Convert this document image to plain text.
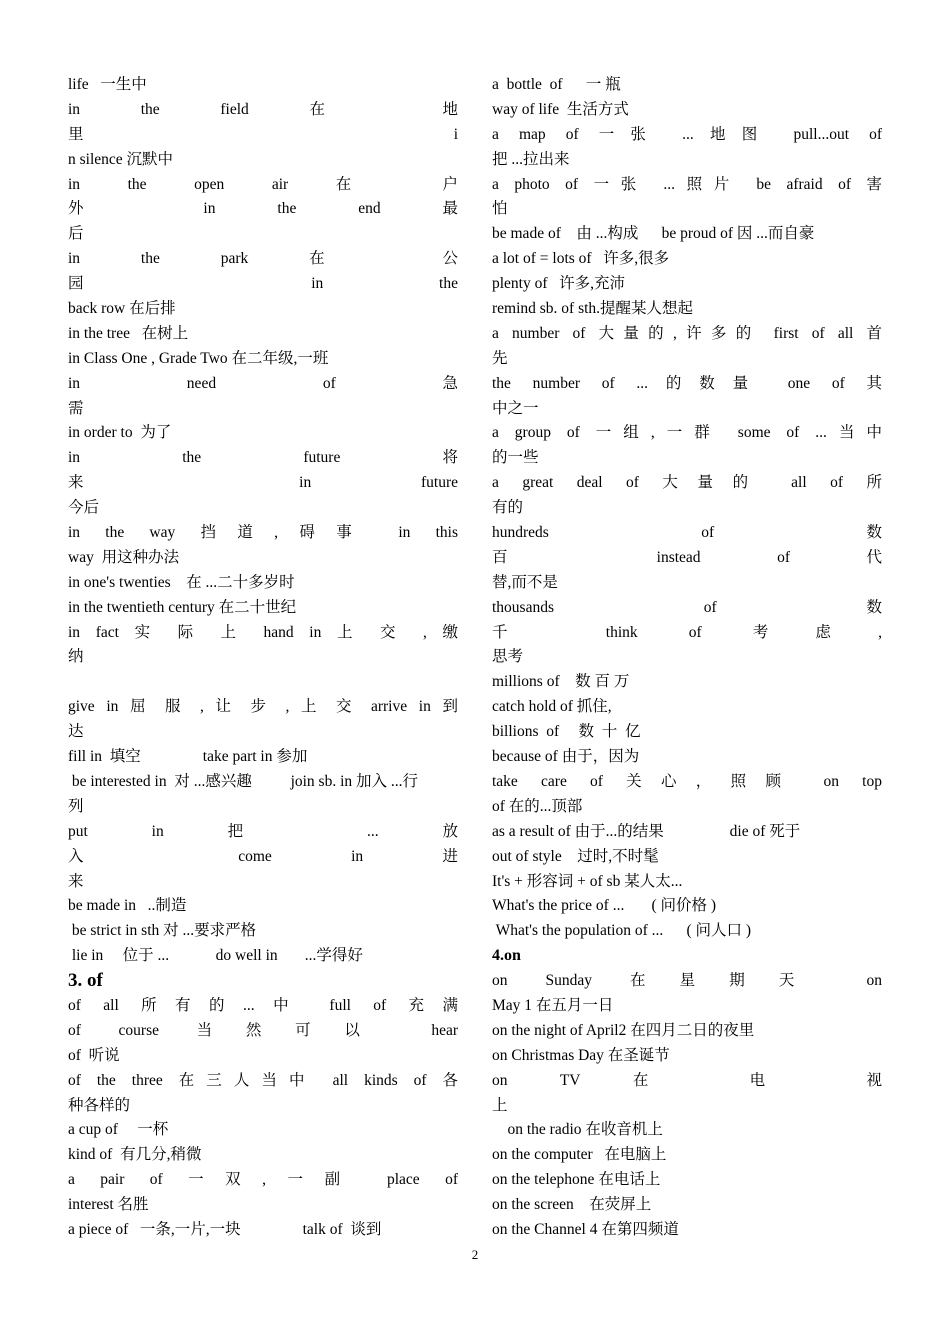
life   一生中
in the field 在 地
里 i
n silence 沉默中
in the open air 在 户
外 in the end 最
后
in the park 在 公
园 in the
back row 在后排
in the tree   在树上
in Class One , Grade Two 在二年级,一班
in need of 急
需
in order to  为了
in the future 将
来 in future
今后
in the way 挡道,碍事 in this
way  用这种办法
in one's twenties    在 ...二十多岁时
in the twentieth century 在二十世纪
in fact 实 际 上 hand in 上 交 , 缴
纳
give in 屈 服 , 让 步 , 上 交 arrive in 到
达
fill in  填空                take part in 参加
be interested in  对 ...感兴趣          join sb. in 加入 ...行
列
put in 把 ... 放
入 come in 进
来
be made in   ..制造
be strict in sth 对 ...要求严格
lie in     位于 ...            do well in       ...学得好
3. of
of all 所有的...中 full of 充满
of course 当然可以 hear
of  听说
of the three 在三人当中 all kinds of 各
种各样的
a cup of     一杯
kind of  有几分,稍微
a pair of 一双,一副 place of
interest 名胜
a piece of   一条,一片,一块                talk of  谈到
a  bottle  of      一 瓶
way of life  生活方式
a map of 一张 ...地图 pull...out of
把 ...拉出来
a photo of 一张 ...照片 be afraid of 害
怕
be made of    由 ...构成      be proud of 因 ...而自豪
a lot of = lots of   许多,很多
plenty of   许多,充沛
remind sb. of sth.提醒某人想起
a number of 大量的,许多的 first of all 首
先
the number of ...的数量 one of 其
中之一
a group of 一组,一群 some of ...当中
的一些
a great deal of 大量的 all of 所
有的
hundreds of 数
百 instead of 代
替,而不是
thousands of 数
千 think of 考虑,
思考
millions of    数 百 万
catch hold of 抓住,
billions  of     数  十  亿
because of 由于，因为
take care of 关心，照顾 on top
of 在的...顶部
as a result of 由于...的结果                 die of 死于
out of style    过时,不时髦
It's + 形容词 + of sb 某人太...
What's the price of ...       ( 问价格 )
What's the population of ...      ( 问人口 )
4.on
on Sunday 在星期天 on
May 1 在五月一日
on the night of April2 在四月二日的夜里
on Christmas Day 在圣诞节
on TV 在 电 视
上
on the radio 在收音机上
on the computer   在电脑上
on the telephone 在电话上
on the screen    在荧屏上
on the Channel 4 在第四频道
2
